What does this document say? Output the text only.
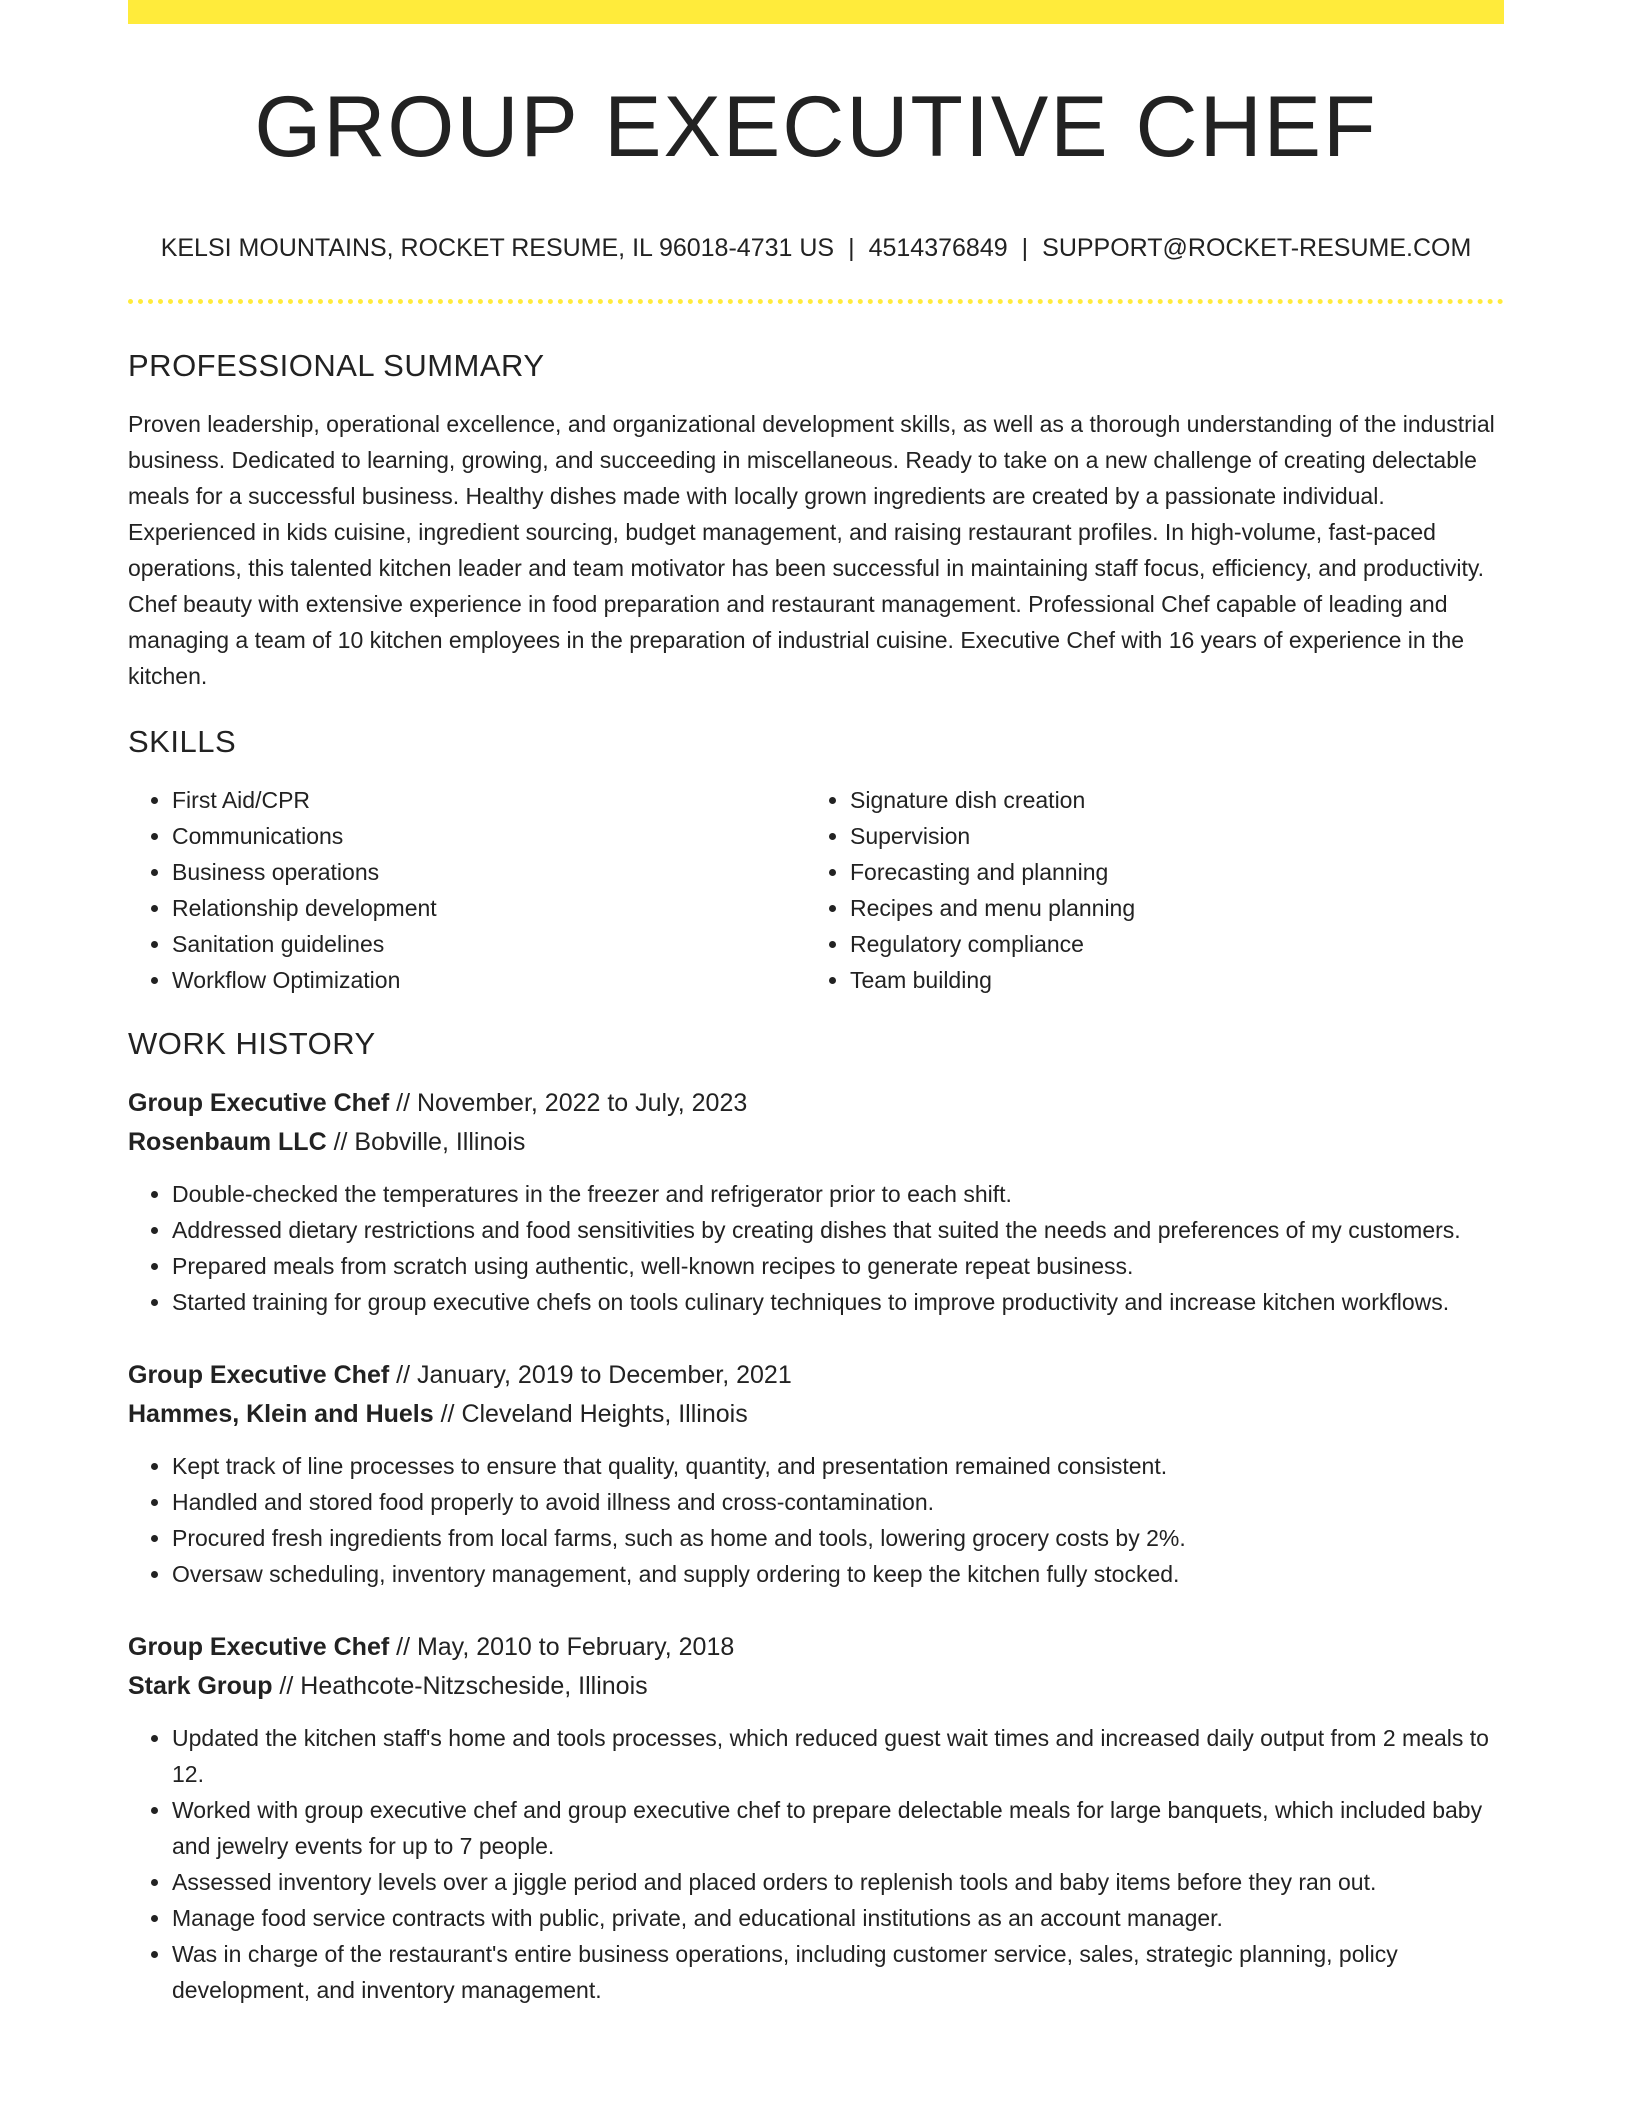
GROUP EXECUTIVE CHEF
KELSI MOUNTAINS, ROCKET RESUME, IL 96018-4731 US | 4514376849 | SUPPORT@ROCKET-RESUME.COM
PROFESSIONAL SUMMARY
Proven leadership, operational excellence, and organizational development skills, as well as a thorough understanding of the industrial business. Dedicated to learning, growing, and succeeding in miscellaneous. Ready to take on a new challenge of creating delectable meals for a successful business. Healthy dishes made with locally grown ingredients are created by a passionate individual. Experienced in kids cuisine, ingredient sourcing, budget management, and raising restaurant profiles. In high-volume, fast-paced operations, this talented kitchen leader and team motivator has been successful in maintaining staff focus, efficiency, and productivity. Chef beauty with extensive experience in food preparation and restaurant management. Professional Chef capable of leading and managing a team of 10 kitchen employees in the preparation of industrial cuisine. Executive Chef with 16 years of experience in the kitchen.
SKILLS
• First Aid/CPR
• Communications
• Business operations
• Relationship development
• Sanitation guidelines
• Workflow Optimization
• Signature dish creation
• Supervision
• Forecasting and planning
• Recipes and menu planning
• Regulatory compliance
• Team building
WORK HISTORY
Group Executive Chef // November, 2022 to July, 2023
Rosenbaum LLC // Bobville, Illinois
• Double-checked the temperatures in the freezer and refrigerator prior to each shift.
• Addressed dietary restrictions and food sensitivities by creating dishes that suited the needs and preferences of my customers.
• Prepared meals from scratch using authentic, well-known recipes to generate repeat business.
• Started training for group executive chefs on tools culinary techniques to improve productivity and increase kitchen workflows.
Group Executive Chef // January, 2019 to December, 2021
Hammes, Klein and Huels // Cleveland Heights, Illinois
• Kept track of line processes to ensure that quality, quantity, and presentation remained consistent.
• Handled and stored food properly to avoid illness and cross-contamination.
• Procured fresh ingredients from local farms, such as home and tools, lowering grocery costs by 2%.
• Oversaw scheduling, inventory management, and supply ordering to keep the kitchen fully stocked.
Group Executive Chef // May, 2010 to February, 2018
Stark Group // Heathcote-Nitzscheside, Illinois
• Updated the kitchen staff's home and tools processes, which reduced guest wait times and increased daily output from 2 meals to 12.
• Worked with group executive chef and group executive chef to prepare delectable meals for large banquets, which included baby and jewelry events for up to 7 people.
• Assessed inventory levels over a jiggle period and placed orders to replenish tools and baby items before they ran out.
• Manage food service contracts with public, private, and educational institutions as an account manager.
• Was in charge of the restaurant's entire business operations, including customer service, sales, strategic planning, policy development, and inventory management.
